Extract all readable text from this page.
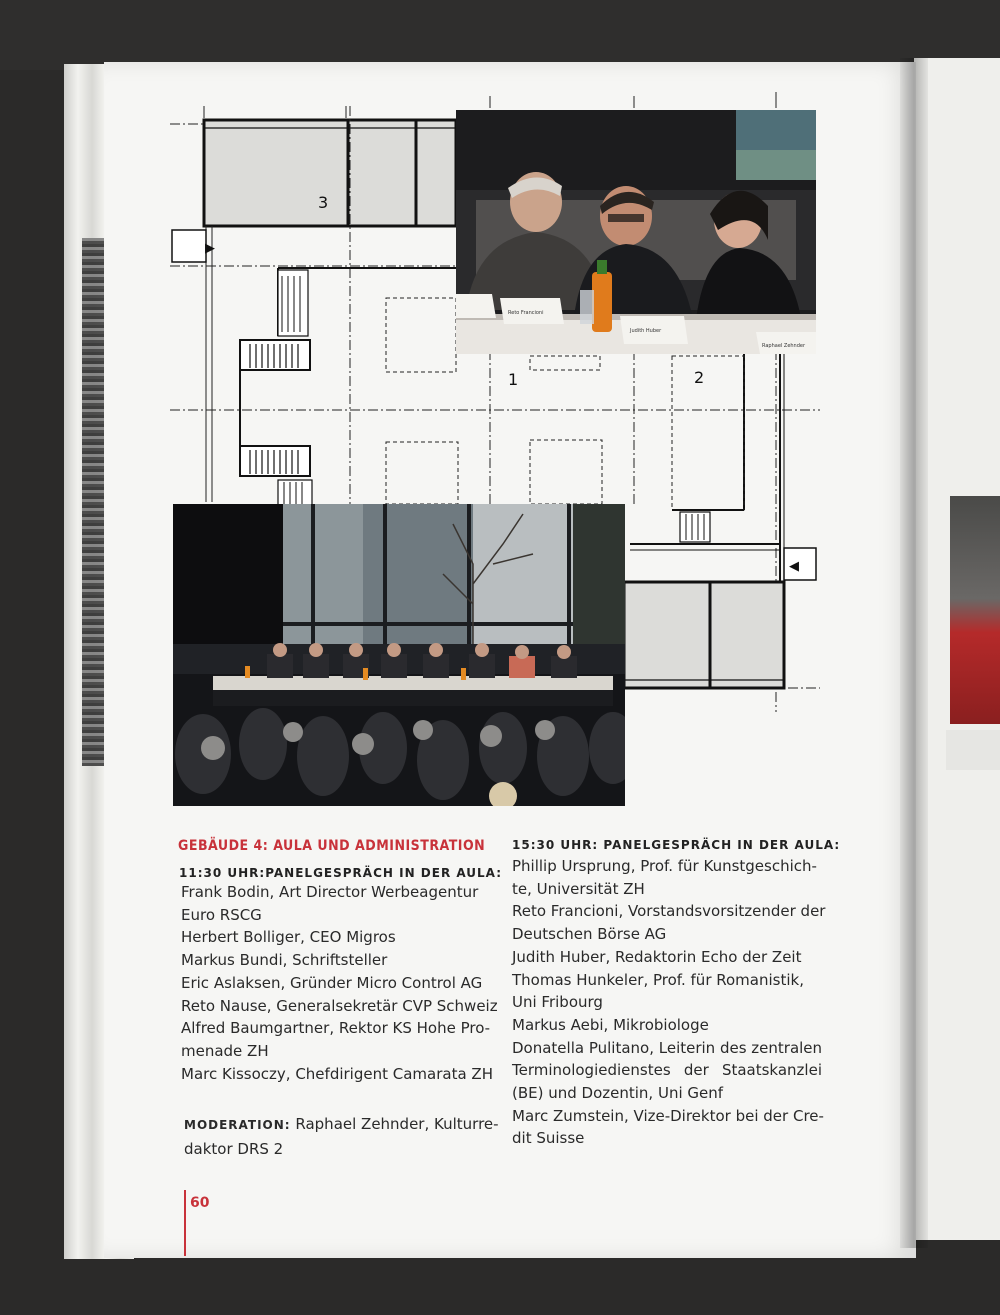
▶
◀
3
1	2
Reto Francioni
Judith Huber
Raphael Zehnder
GEBÄUDE 4: AULA UND ADMINISTRATION
11:30 UHR:PANELGESPRÄCH IN DER AULA:
15:30 UHR: PANELGESPRÄCH IN DER AULA:
Frank Bodin, Art Director Werbeagentur
Euro RSCG
Herbert Bolliger, CEO Migros
Markus Bundi, Schriftsteller
Eric Aslaksen, Gründer Micro Control AG
Reto Nause, Generalsekretär CVP Schweiz
Alfred Baumgartner, Rektor KS Hohe Pro-
menade ZH
Marc Kissoczy, Chefdirigent Camarata ZH
MODERATION: Raphael Zehnder, Kulturre-
daktor DRS 2
Phillip Ursprung, Prof. für Kunstgeschich-
te, Universität ZH
Reto Francioni, Vorstandsvorsitzender der
Deutschen Börse AG
Judith Huber, Redaktorin Echo der Zeit
Thomas Hunkeler, Prof. für Romanistik,
Uni Fribourg
Markus Aebi, Mikrobiologe
Donatella Pulitano, Leiterin des zentralen
Terminologiedienstes der Staatskanzlei
(BE) und Dozentin, Uni Genf
Marc Zumstein, Vize-Direktor bei der Cre-
dit Suisse
60
